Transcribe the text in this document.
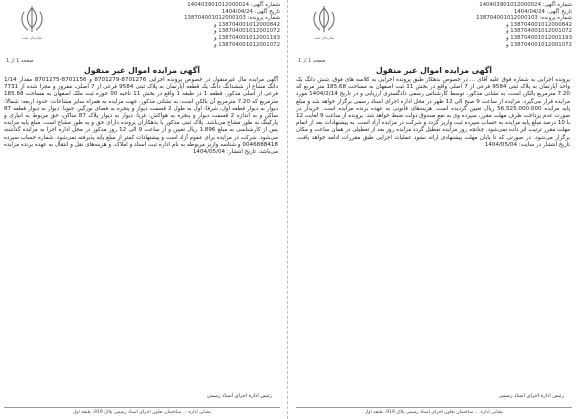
شماره آگهی: 140403901012000024
تاریخ آگهی: 1404/04/24
شماره پرونده: 138704001012000103
138704001012000842 و
138704001012001072 و
138704001012001193 و
138704001012001072 و
سازمان ثبت
صفحه 1 از 1
آگهی مزایده اموال غیر منقول
پرونده اجرایی به شماره فوق علیه آقای ... در خصوص بدهکار طبق پرونده اجرایی به کلاسه های فوق، شش دانگ یک واحد آپارتمان به پلاک ثبتی 9584 فرعی از 7 اصلی واقع در بخش 11 ثبت اصفهان به مساحت 185.68 متر مربع که 7.20 مترمربع بالکن است، به نشانی مذکور، توسط کارشناس رسمی دادگستری ارزیابی و در تاریخ 1404/2/14 مورد مزایده قرار می‌گیرد. مزایده از ساعت 9 صبح الی 12 ظهر در محل اداره اجرای اسناد رسمی برگزار خواهد شد و مبلغ پایه مزایده 56.525.000.000 ریال تعیین گردیده است. هزینه‌های قانونی به عهده برنده مزایده است. خریدار در صورت عدم پرداخت ظرف مهلت مقرر، سپرده وی به نفع صندوق دولت ضبط خواهد شد. پرونده از ساعت 9 لغایت 12 با 10 درصد مبلغ پایه مزایده به حساب سپرده ثبت واریز گردد و شرکت در مزایده آزاد است. به پیشنهادات بعد از اتمام مهلت مقرر ترتیب اثر داده نمی‌شود. چنانچه روز مزایده تعطیل گردد مزایده روز بعد از تعطیلی در همان ساعت و مکان برگزار می‌شود. در صورتی که تا پایان مهلت پیشنهادی ارائه نشود عملیات اجرایی طبق مقررات ادامه خواهد یافت. تاریخ انتشار در سایت: 1404/05/04
رئیس اداره اجرای اسناد رسمی
نشانی اداره ... ساختمان تعاون اجرای اسناد رسمی پلاک 919، طبقه اول
شماره آگهی: 140403901012000024
تاریخ آگهی: 1404/04/24
شماره پرونده: 138704001012000103
138704001012000842 و
138704001012001072 و
138704001012001193 و
138704001012001072 و
سازمان ثبت
صفحه 1 از 1
آگهی مزایده اموال غیر منقول
آگهی مزایده مال غیرمنقول در خصوص پرونده اجرایی 8701276-8701279 و 8701156-8701275 مقدار 1/14 دانگ مشاع از ششدانگ دانگ یک قطعه آپارتمان به پلاک ثبتی 9584 فرعی از 7 اصلی، مفروز و مجزا شده از 7731 فرعی از اصلی مذکور، قطعه 1 در طبقه 1 واقع در بخش 11 ناحیه 00 حوزه ثبت ملک اصفهان به مساحت 185.68 مترمربع که 7.20 مترمربع آن بالکن است، به نشانی مذکور، جهت مزایده به همراه سایر مشاعات. حدود اربعه: شمالا: دیوار به دیوار قطعه اول، شرقا: اول به طول 2 قسمت دیوار و پنجره به فضای نورگیر، جنوبا: دیوار به دیوار قطعه 87 ساکن و به اندازه 2 قسمت دیوار و پنجره به هواکش، غربا: دیوار به دیوار پلاک 87 ساکن، حق مربوط به انباری و پارکینگ به طور مشاع می‌باشد. پلاک ثبتی مذکور با بدهکاران پرونده دارای حق و به طور مشاع است. مبلغ پایه مزایده پس از کارشناسی به مبلغ 1.896 ریال تعیین و از ساعت 9 الی 12 روز مذکور در محل اداره اجرا به مزایده گذاشته می‌شود. شرکت در مزایده برای عموم آزاد است و پیشنهادات کمتر از مبلغ پایه پذیرفته نمی‌شود. شماره حساب سپرده 0046888418 و شناسه واریز مربوطه به نام اداره ثبت اسناد و املاک، و هزینه‌های نقل و انتقال به عهده برنده مزایده می‌باشد. تاریخ انتشار: 1404/05/04
رئیس اداره اجرای اسناد رسمی
نشانی اداره ... ساختمان تعاون اجرای اسناد رسمی پلاک 919، طبقه اول
